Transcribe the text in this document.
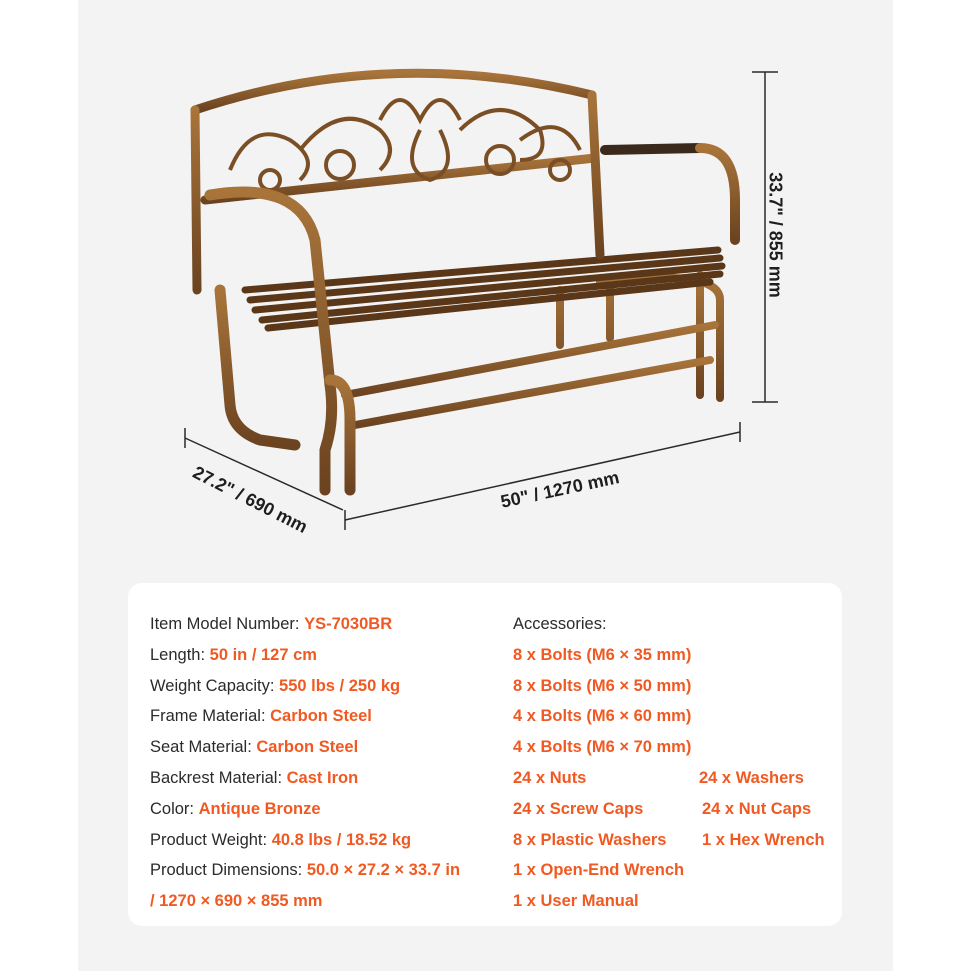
33.7" / 855 mm
50" / 1270 mm
27.2" / 690 mm
Item Model Number: YS-7030BR
Length: 50 in / 127 cm
Weight Capacity: 550 lbs / 250 kg
Frame Material: Carbon Steel
Seat Material: Carbon Steel
Backrest Material: Cast Iron
Color: Antique Bronze
Product Weight: 40.8 lbs / 18.52 kg
Product Dimensions: 50.0 × 27.2 × 33.7 in
/ 1270 × 690 × 855 mm
Accessories:
8 x Bolts (M6 × 35 mm)
8 x Bolts (M6 × 50 mm)
4 x Bolts (M6 × 60 mm)
4 x Bolts (M6 × 70 mm)
24 x Nuts	24 x Washers
24 x Screw Caps	24 x Nut Caps
8 x Plastic Washers 1 x Hex Wrench
1 x Open-End Wrench
1 x User Manual
